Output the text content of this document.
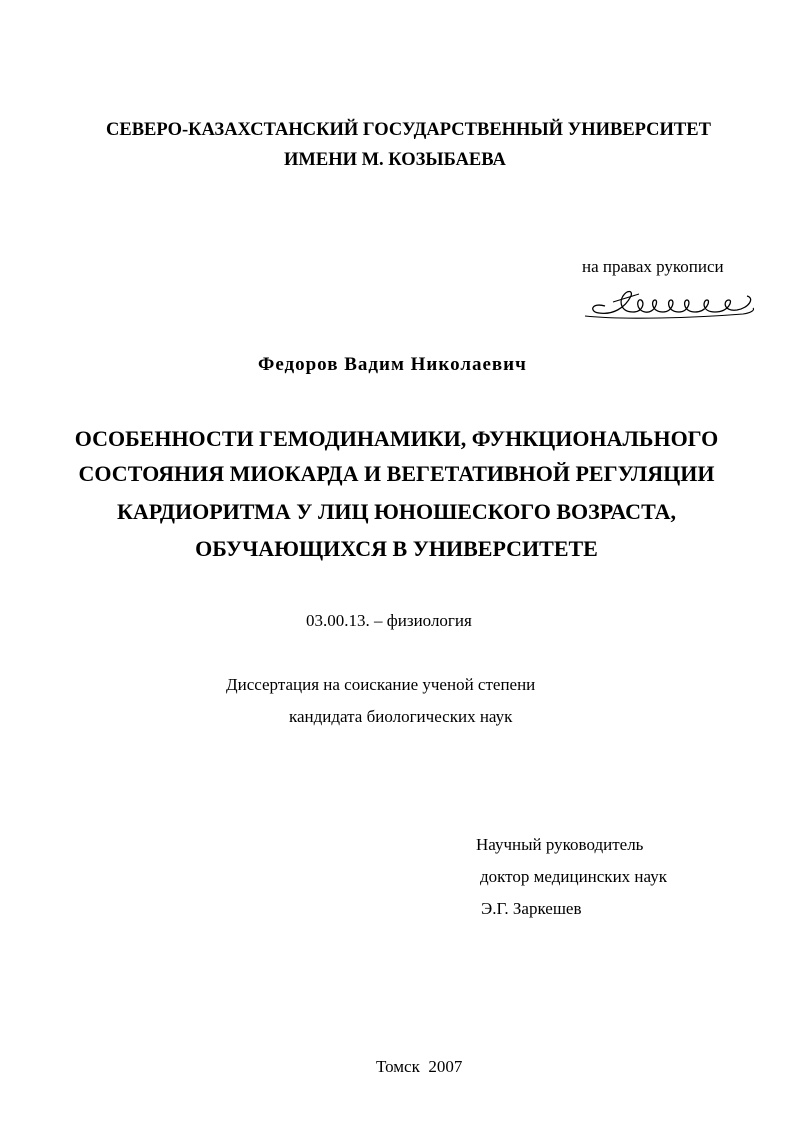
СЕВЕРО-КАЗАХСТАНСКИЙ ГОСУДАРСТВЕННЫЙ УНИВЕРСИТЕТ
ИМЕНИ М. КОЗЫБАЕВА
на правах рукописи
Федоров Вадим Николаевич
ОСОБЕННОСТИ ГЕМОДИНАМИКИ, ФУНКЦИОНАЛЬНОГО
СОСТОЯНИЯ МИОКАРДА И ВЕГЕТАТИВНОЙ РЕГУЛЯЦИИ
КАРДИОРИТМА У ЛИЦ ЮНОШЕСКОГО ВОЗРАСТА,
ОБУЧАЮЩИХСЯ В УНИВЕРСИТЕТЕ
03.00.13. – физиология
Диссертация на соискание ученой степени
кандидата биологических наук
Научный руководитель
доктор медицинских наук
Э.Г. Заркешев
Томск  2007
